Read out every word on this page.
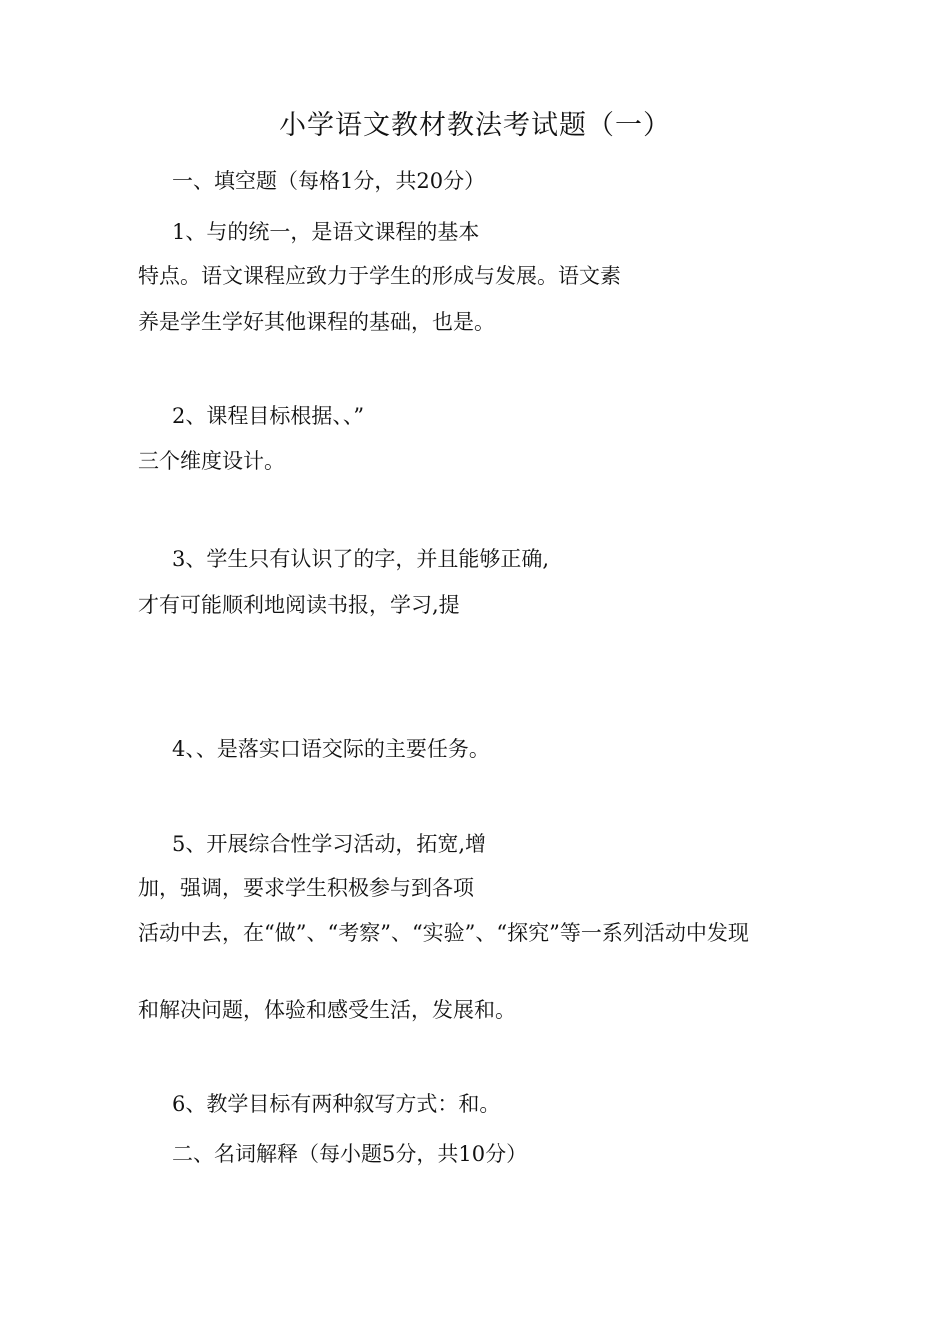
小学语文教材教法考试题（一）
一、填空题（每格1分，共20分）
1、与的统一，是语文课程的基本
特点。语文课程应致力于学生的形成与发展。语文素
养是学生学好其他课程的基础，也是。
2、课程目标根据、、”
三个维度设计。
3、学生只有认识了的字，并且能够正确,
才有可能顺利地阅读书报，学习,提
4、、是落实口语交际的主要任务。
5、开展综合性学习活动，拓宽,增
加，强调，要求学生积极参与到各项
活动中去，在“做”、“考察”、“实验”、“探究”等一系列活动中发现
和解决问题，体验和感受生活，发展和。
6、教学目标有两种叙写方式：和。
二、名词解释（每小题5分，共10分）
